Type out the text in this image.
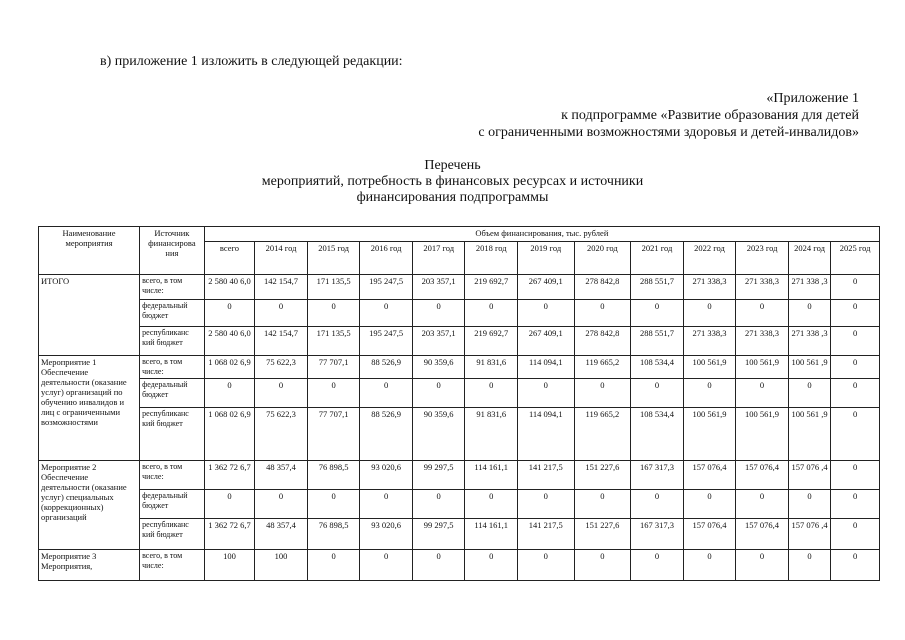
в) приложение 1 изложить в следующей редакции:
«Приложение 1
к подпрограмме «Развитие образования для детей
с ограниченными возможностями здоровья и детей-инвалидов»
Перечень
мероприятий, потребность в финансовых ресурсах и источники
финансирования подпрограммы
Наименование мероприятия	Источник финансирова ния	Объем финансирования, тыс. рублей												
		всего	2014 год	2015 год	2016 год	2017 год	2018 год	2019 год	2020 год	2021 год	2022 год	2023 год	2024 год	2025 год
ИТОГО	всего, в том числе:	2 580 40 6,0	142 154,7	171 135,5	195 247,5	203 357,1	219 692,7	267 409,1	278 842,8	288 551,7	271 338,3	271 338,3	271 338 ,3	0
	федеральный бюджет	0	0	0	0	0	0	0	0	0	0	0	0	0
	республиканс кий бюджет	2 580 40 6,0	142 154,7	171 135,5	195 247,5	203 357,1	219 692,7	267 409,1	278 842,8	288 551,7	271 338,3	271 338,3	271 338 ,3	0
Мероприятие 1 Обеспечение деятельности (оказание услуг) организаций по обучению инвалидов и лиц с ограниченными возможностями	всего, в том числе:	1 068 02 6,9	75 622,3	77 707,1	88 526,9	90 359,6	91 831,6	114 094,1	119 665,2	108 534,4	100 561,9	100 561,9	100 561 ,9	0
	федеральный бюджет	0	0	0	0	0	0	0	0	0	0	0	0	0
	республиканс кий бюджет	1 068 02 6,9	75 622,3	77 707,1	88 526,9	90 359,6	91 831,6	114 094,1	119 665,2	108 534,4	100 561,9	100 561,9	100 561 ,9	0
Мероприятие 2 Обеспечение деятельности (оказание услуг) специальных (коррекционных) организаций	всего, в том числе:	1 362 72 6,7	48 357,4	76 898,5	93 020,6	99 297,5	114 161,1	141 217,5	151 227,6	167 317,3	157 076,4	157 076,4	157 076 ,4	0
	федеральный бюджет	0	0	0	0	0	0	0	0	0	0	0	0	0
	республиканс кий бюджет	1 362 72 6,7	48 357,4	76 898,5	93 020,6	99 297,5	114 161,1	141 217,5	151 227,6	167 317,3	157 076,4	157 076,4	157 076 ,4	0
Мероприятие 3 Мероприятия,	всего, в том числе:	100	100	0	0	0	0	0	0	0	0	0	0	0
